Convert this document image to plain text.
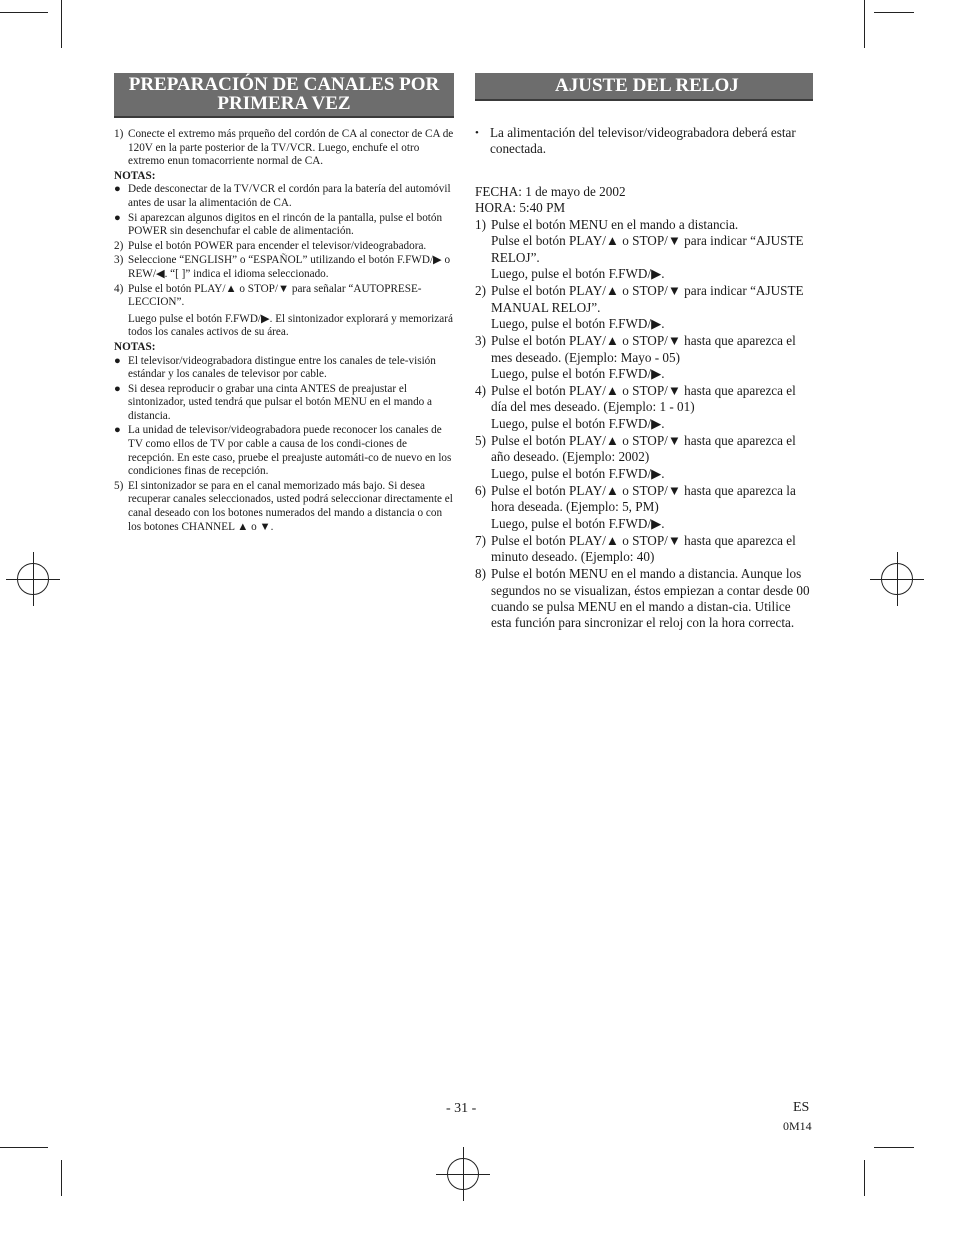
PREPARACIÓN DE CANALES POR PRIMERA VEZ
1) Conecte el extremo más prqueño del cordón de CA al conector de CA de 120V en la parte posterior de la TV/VCR. Luego, enchufe el otro extremo enun tomacorriente normal de CA.

NOTAS:

● Dede desconectar de la TV/VCR el cordón para la batería del automóvil antes de usar la alimentación de CA.

● Si aparezcan algunos digitos en el rincón de la pantalla, pulse el botón POWER sin desenchufar el cable de alimentación.

2) Pulse el botón POWER para encender el televisor/videograbadora.

3) Seleccione “ENGLISH” o “ESPAÑOL” utilizando el botón F.FWD/▶ o REW/◀. “[ ]” indica el idioma seleccionado.

4) Pulse el botón PLAY/▲ o STOP/▼ para señalar “AUTOPRESE-LECCION”.

Luego pulse el botón F.FWD/▶. El sintonizador explorará y memorizará todos los canales activos de su área.

NOTAS:

● El televisor/videograbadora distingue entre los canales de tele-visión estándar y los canales de televisor por cable.

● Si desea reproducir o grabar una cinta ANTES de preajustar el sintonizador, usted tendrá que pulsar el botón MENU en el mando a distancia.

● La unidad de televisor/videograbadora puede reconocer los canales de TV como ellos de TV por cable a causa de los condi-ciones de recepción. En este caso, pruebe el preajuste automáti-co de nuevo en los condiciones finas de recepción.

5) El sintonizador se para en el canal memorizado más bajo. Si desea recuperar canales seleccionados, usted podrá seleccionar directamente el canal deseado con los botones numerados del mando a distancia o con los botones CHANNEL ▲ o ▼.

AJUSTE DEL RELOJ
• La alimentación del televisor/videograbadora deberá estar conectada.

FECHA: 1 de mayo de 2002

HORA: 5:40 PM

1) Pulse el botón MENU en el mando a distancia.

Pulse el botón PLAY/▲ o STOP/▼ para indicar “AJUSTE RELOJ”.

Luego, pulse el botón F.FWD/▶.

2) Pulse el botón PLAY/▲ o STOP/▼ para indicar “AJUSTE MANUAL RELOJ”.

Luego, pulse el botón F.FWD/▶.

3) Pulse el botón PLAY/▲ o STOP/▼ hasta que aparezca el mes deseado. (Ejemplo: Mayo - 05)

Luego, pulse el botón F.FWD/▶.

4) Pulse el botón PLAY/▲ o STOP/▼ hasta que aparezca el día del mes deseado. (Ejemplo: 1 - 01)

Luego, pulse el botón F.FWD/▶.

5) Pulse el botón PLAY/▲ o STOP/▼ hasta que aparezca el año deseado. (Ejemplo: 2002)

Luego, pulse el botón F.FWD/▶.

6) Pulse el botón PLAY/▲ o STOP/▼ hasta que aparezca la hora deseada. (Ejemplo: 5, PM)

Luego, pulse el botón F.FWD/▶.

7) Pulse el botón PLAY/▲ o STOP/▼ hasta que aparezca el minuto deseado. (Ejemplo: 40)

8) Pulse el botón MENU en el mando a distancia. Aunque los segundos no se visualizan, éstos empiezan a contar desde 00 cuando se pulsa MENU en el mando a distan-cia. Utilice esta función para sincronizar el reloj con la hora correcta.

- 31 -	ES
0M14
